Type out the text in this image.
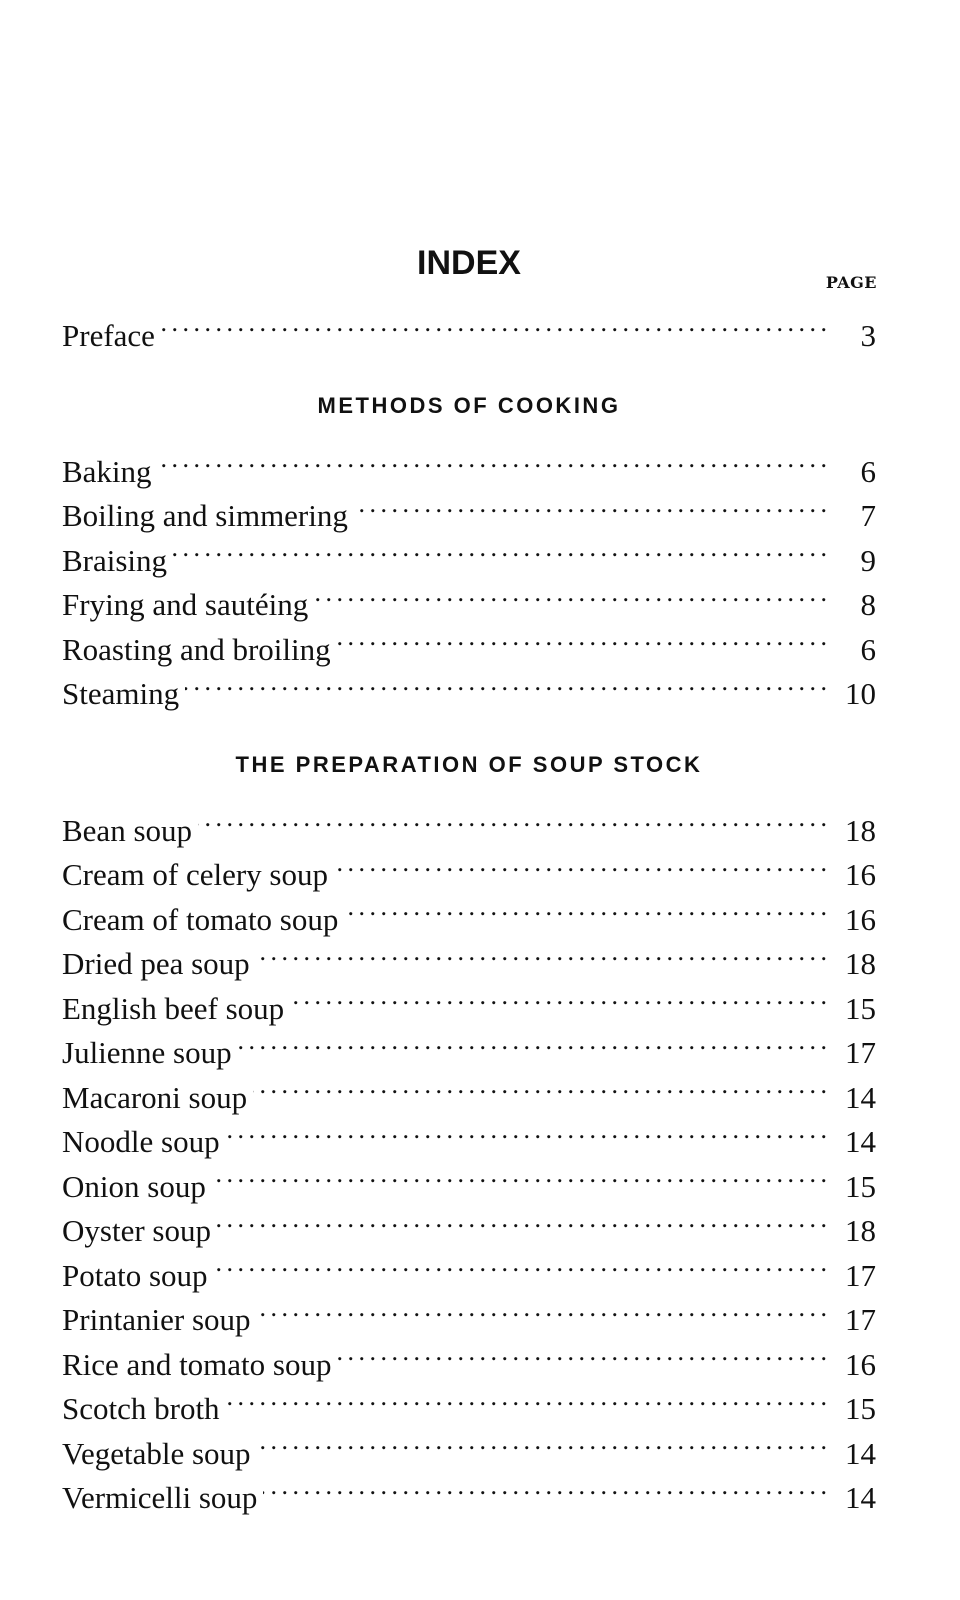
INDEX
PAGE
Preface . . .	3
METHODS OF COOKING
Baking . . .	6
Boiling and simmering . . .	7
Braising . . .	9
Frying and sautéing . . .	8
Roasting and broiling . . .	6
Steaming . . .	10
THE PREPARATION OF SOUP STOCK
Bean soup . . .	18
Cream of celery soup . . .	16
Cream of tomato soup . . .	16
Dried pea soup . . .	18
English beef soup . . .	15
Julienne soup . . .	17
Macaroni soup . . .	14
Noodle soup . . .	14
Onion soup . . .	15
Oyster soup . . .	18
Potato soup . . .	17
Printanier soup . . .	17
Rice and tomato soup . . .	16
Scotch broth . . .	15
Vegetable soup . . .	14
Vermicelli soup . . .	14
